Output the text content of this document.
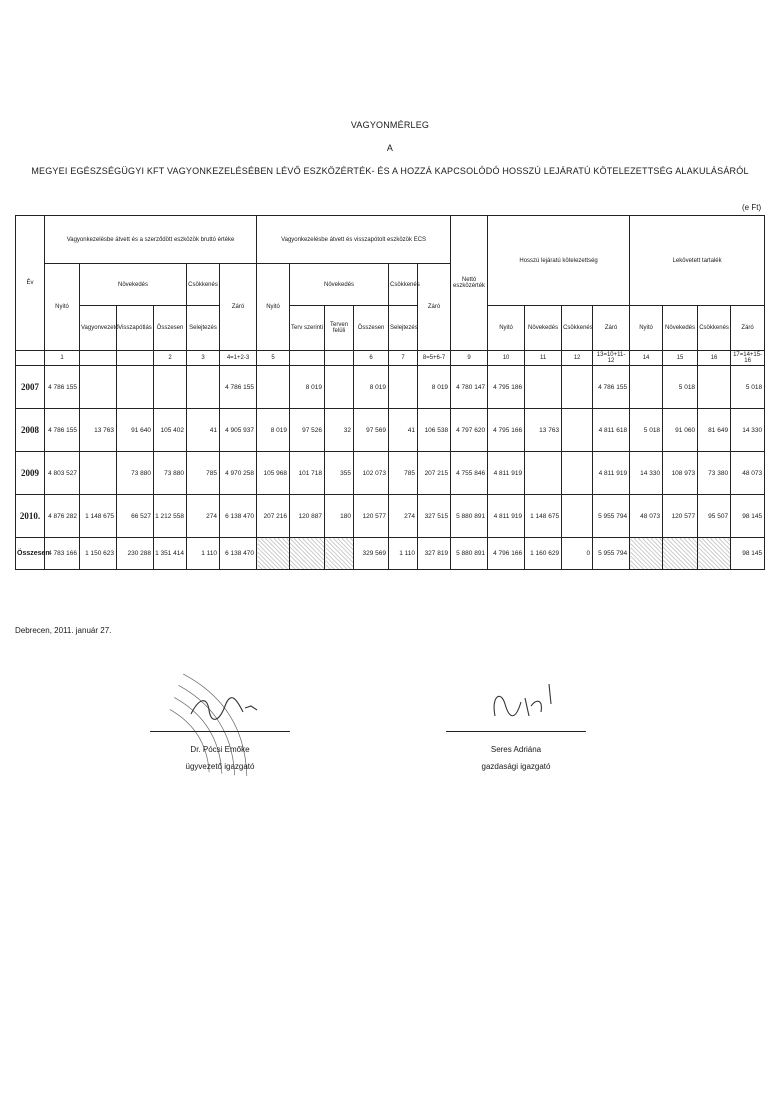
VAGYONMÉRLEG
A
MEGYEI EGÉSZSÉGÜGYI KFT VAGYONKEZELÉSÉBEN LÉVŐ ESZKÖZÉRTÉK- ÉS A HOZZÁ KAPCSOLÓDÓ HOSSZÚ LEJÁRATÚ KÖTELEZETTSÉG ALAKULÁSÁRÓL
(e Ft)
Év	Vagyonkezelésbe átvett és a szerződött eszközök bruttó értéke						Vagyonkezelésbe átvett és visszapótolt eszközök ECS						Nettó eszközérték	Hosszú lejáratú kötelezettség				Lekövetett tartalék			
	Nyitó	Növekedés			Csökkenés	Záró	Nyitó	Növekedés			Csökkenés	Záró									
		Vagyonvezető	Visszapótlás	Összesen	Selejtezés			Terv szerinti	Terven felüli	Összesen	Selejtezés			Nyitó	Növekedés	Csökkenés	Záró	Nyitó	Növekedés	Csökkenés	Záró
	1			2	3	4=1+2-3	5			6	7	8=5+6-7	9	10	11	12	13=10+11-12	14	15	16	17=14+15-16
2007	4 786 155					4 786 155		8 019		8 019		8 019	4 780 147	4 795 186			4 786 155		5 018		5 018
2008	4 786 155	13 763	91 640	105 402	41	4 905 937	8 019	97 526	32	97 569	41	106 538	4 797 620	4 795 166	13 763		4 811 618	5 018	91 060	81 649	14 330
2009	4 803 527		73 880	73 880	785	4 970 258	105 968	101 718	355	102 073	785	207 215	4 755 846	4 811 919			4 811 919	14 330	108 973	73 380	48 073
2010.	4 876 282	1 148 675	66 527	1 212 558	274	6 138 470	207 216	120 887	180	120 577	274	327 515	5 880 891	4 811 919	1 148 675		5 955 794	48 073	120 577	95 507	98 145
Összesen	4 783 166	1 150 623	230 288	1 351 414	1 110	6 138 470				329 569	1 110	327 819	5 880 891	4 796 166	1 160 629	0	5 955 794				98 145
Debrecen, 2011. január 27.
Dr. Pócsi Emőke
ügyvezető igazgató
Seres Adriána
gazdasági igazgató
